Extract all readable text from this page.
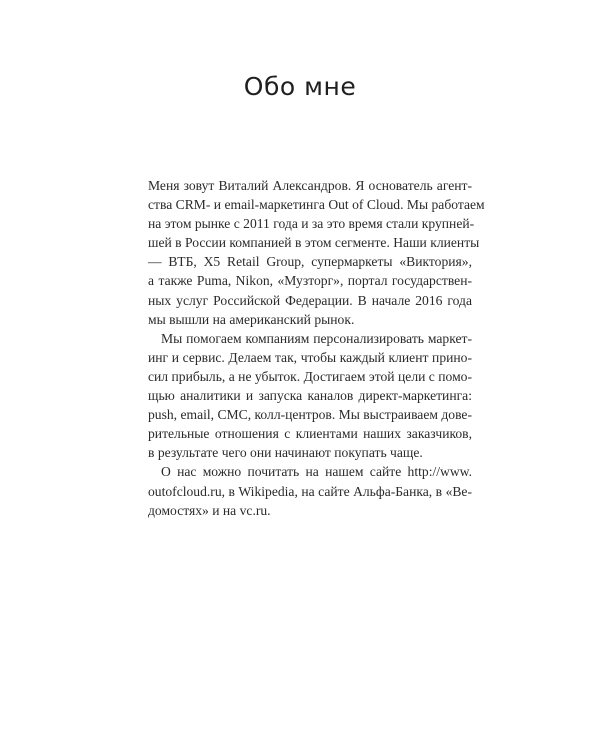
Обо мне
Меня зовут Виталий Александров. Я основатель агент-
ства CRM- и email-маркетинга Out of Cloud. Мы работаем
на этом рынке с 2011 года и за это время стали крупней-
шей в России компанией в этом сегменте. Наши клиенты
— ВТБ, X5 Retail Group, супермаркеты «Виктория»,
а также Puma, Nikon, «Музторг», портал государствен-
ных услуг Российской Федерации. В начале 2016 года
мы вышли на американский рынок.
Мы помогаем компаниям персонализировать маркет-
инг и сервис. Делаем так, чтобы каждый клиент прино-
сил прибыль, а не убыток. Достигаем этой цели с помо-
щью аналитики и запуска каналов директ-маркетинга:
push, email, СМС, колл-центров. Мы выстраиваем дове-
рительные отношения с клиентами наших заказчиков,
в результате чего они начинают покупать чаще.
О нас можно почитать на нашем сайте http://www.
outofcloud.ru, в Wikipedia, на сайте Альфа-Банка, в «Ве-
домостях» и на vc.ru.
